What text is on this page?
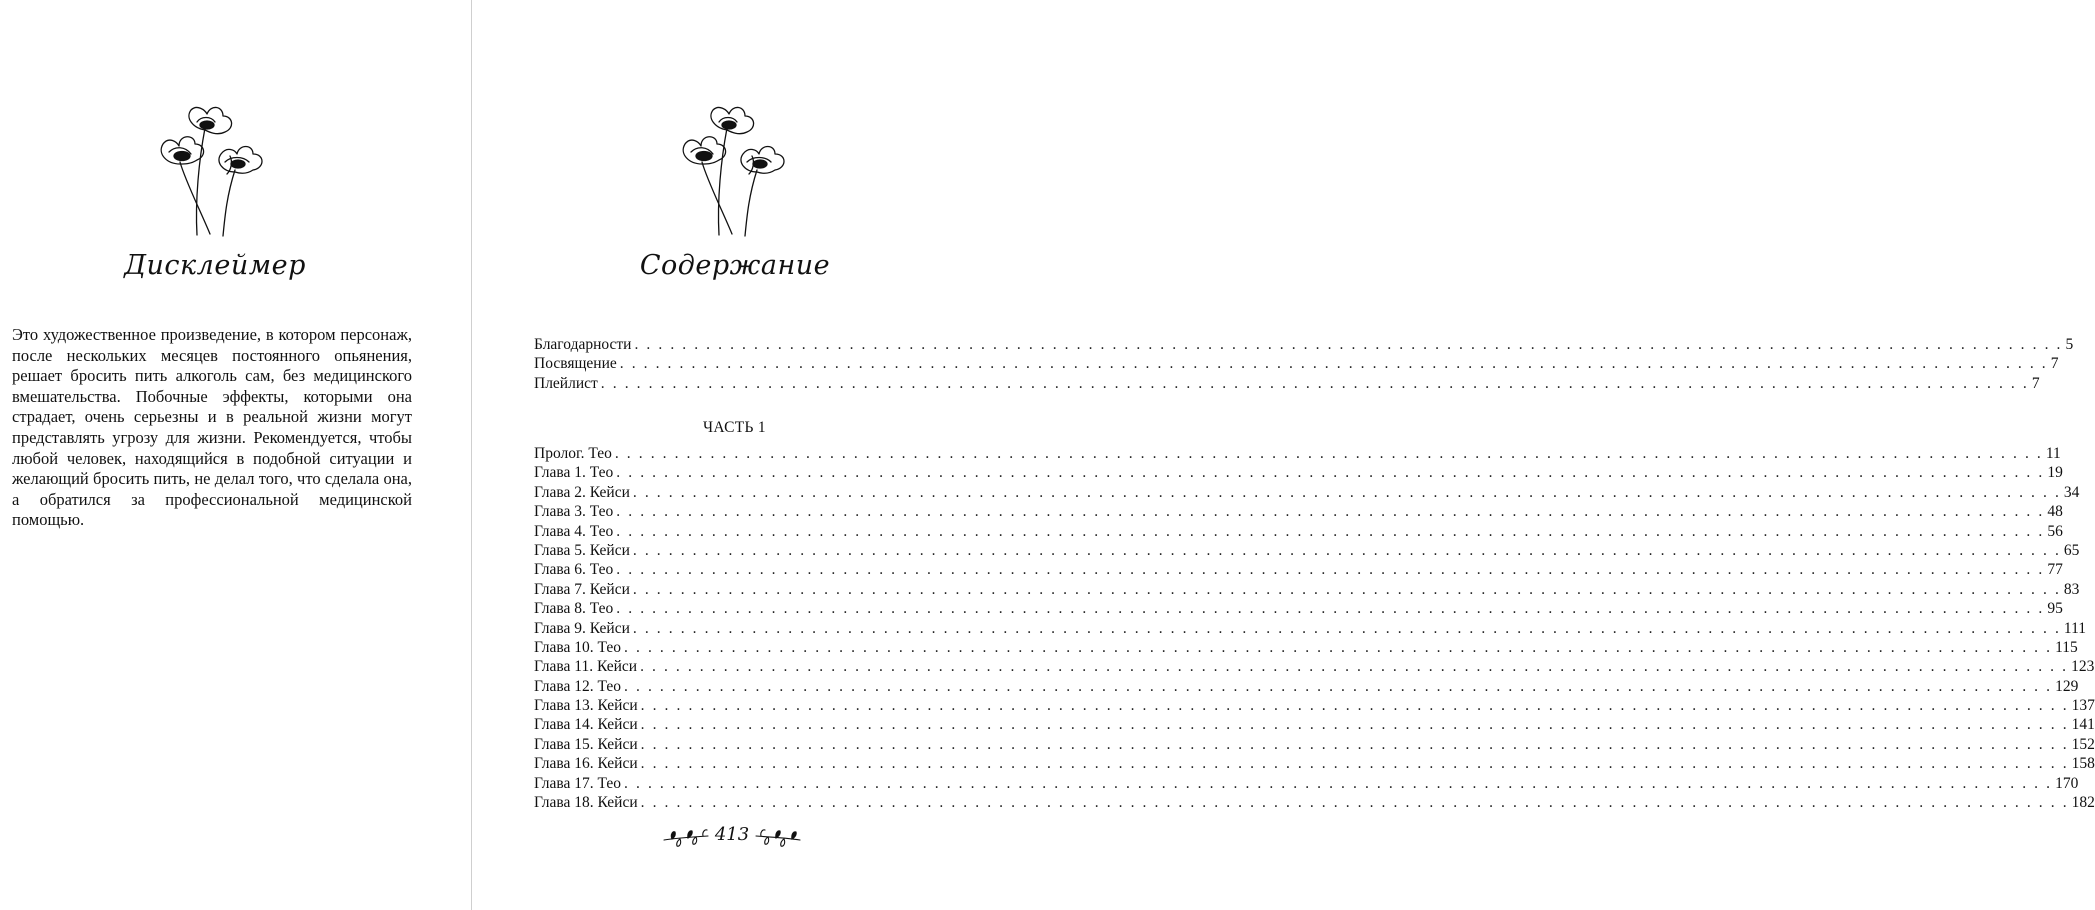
Дисклеймер
Это художественное произведение, в котором персонаж, после нескольких месяцев постоянного опьянения, решает бросить пить алкоголь сам, без медицинского вмешательства. Побочные эффекты, которыми она страдает, очень серьезны и в реальной жизни могут представлять угрозу для жизни. Рекомендуется, чтобы любой человек, находящийся в подобной ситуации и желающий бросить пить, не делал того, что сделала она, а обратился за профессиональной медицинской помощью.
Содержание
Благодарности . . . . . . . . . . . . . . . . . . . . . . . . . . . . . . . . . . . . . . . . . . . . . . . . . . . . . . . . . . . . . . . . . . . . . . . . . . . . . . . . . . . . . . . . . . . . . . . . . . . . . . . . . . . . . . . . . . . . . . . . 5
Посвящение . . . . . . . . . . . . . . . . . . . . . . . . . . . . . . . . . . . . . . . . . . . . . . . . . . . . . . . . . . . . . . . . . . . . . . . . . . . . . . . . . . . . . . . . . . . . . . . . . . . . . . . . . . . . . . . . . . . . . . . . 7
Плейлист . . . . . . . . . . . . . . . . . . . . . . . . . . . . . . . . . . . . . . . . . . . . . . . . . . . . . . . . . . . . . . . . . . . . . . . . . . . . . . . . . . . . . . . . . . . . . . . . . . . . . . . . . . . . . . . . . . . . . . . . 7
ЧАСТЬ 1
Пролог. Тео . . . . . . . . . . . . . . . . . . . . . . . . . . . . . . . . . . . . . . . . . . . . . . . . . . . . . . . . . . . . . . . . . . . . . . . . . . . . . . . . . . . . . . . . . . . . . . . . . . . . . . . . . . . . . . . . . . . . . . . . 11
Глава 1. Тео . . . . . . . . . . . . . . . . . . . . . . . . . . . . . . . . . . . . . . . . . . . . . . . . . . . . . . . . . . . . . . . . . . . . . . . . . . . . . . . . . . . . . . . . . . . . . . . . . . . . . . . . . . . . . . . . . . . . . . . . 19
Глава 2. Кейси . . . . . . . . . . . . . . . . . . . . . . . . . . . . . . . . . . . . . . . . . . . . . . . . . . . . . . . . . . . . . . . . . . . . . . . . . . . . . . . . . . . . . . . . . . . . . . . . . . . . . . . . . . . . . . . . . . . . . . . . 34
Глава 3. Тео . . . . . . . . . . . . . . . . . . . . . . . . . . . . . . . . . . . . . . . . . . . . . . . . . . . . . . . . . . . . . . . . . . . . . . . . . . . . . . . . . . . . . . . . . . . . . . . . . . . . . . . . . . . . . . . . . . . . . . . . 48
Глава 4. Тео . . . . . . . . . . . . . . . . . . . . . . . . . . . . . . . . . . . . . . . . . . . . . . . . . . . . . . . . . . . . . . . . . . . . . . . . . . . . . . . . . . . . . . . . . . . . . . . . . . . . . . . . . . . . . . . . . . . . . . . . 56
Глава 5. Кейси . . . . . . . . . . . . . . . . . . . . . . . . . . . . . . . . . . . . . . . . . . . . . . . . . . . . . . . . . . . . . . . . . . . . . . . . . . . . . . . . . . . . . . . . . . . . . . . . . . . . . . . . . . . . . . . . . . . . . . . . 65
Глава 6. Тео . . . . . . . . . . . . . . . . . . . . . . . . . . . . . . . . . . . . . . . . . . . . . . . . . . . . . . . . . . . . . . . . . . . . . . . . . . . . . . . . . . . . . . . . . . . . . . . . . . . . . . . . . . . . . . . . . . . . . . . . 77
Глава 7. Кейси . . . . . . . . . . . . . . . . . . . . . . . . . . . . . . . . . . . . . . . . . . . . . . . . . . . . . . . . . . . . . . . . . . . . . . . . . . . . . . . . . . . . . . . . . . . . . . . . . . . . . . . . . . . . . . . . . . . . . . . . 83
Глава 8. Тео . . . . . . . . . . . . . . . . . . . . . . . . . . . . . . . . . . . . . . . . . . . . . . . . . . . . . . . . . . . . . . . . . . . . . . . . . . . . . . . . . . . . . . . . . . . . . . . . . . . . . . . . . . . . . . . . . . . . . . . . 95
Глава 9. Кейси . . . . . . . . . . . . . . . . . . . . . . . . . . . . . . . . . . . . . . . . . . . . . . . . . . . . . . . . . . . . . . . . . . . . . . . . . . . . . . . . . . . . . . . . . . . . . . . . . . . . . . . . . . . . . . . . . . . . . . . . 111
Глава 10. Тео . . . . . . . . . . . . . . . . . . . . . . . . . . . . . . . . . . . . . . . . . . . . . . . . . . . . . . . . . . . . . . . . . . . . . . . . . . . . . . . . . . . . . . . . . . . . . . . . . . . . . . . . . . . . . . . . . . . . . . . . 115
Глава 11. Кейси . . . . . . . . . . . . . . . . . . . . . . . . . . . . . . . . . . . . . . . . . . . . . . . . . . . . . . . . . . . . . . . . . . . . . . . . . . . . . . . . . . . . . . . . . . . . . . . . . . . . . . . . . . . . . . . . . . . . . . . . 123
Глава 12. Тео . . . . . . . . . . . . . . . . . . . . . . . . . . . . . . . . . . . . . . . . . . . . . . . . . . . . . . . . . . . . . . . . . . . . . . . . . . . . . . . . . . . . . . . . . . . . . . . . . . . . . . . . . . . . . . . . . . . . . . . . 129
Глава 13. Кейси . . . . . . . . . . . . . . . . . . . . . . . . . . . . . . . . . . . . . . . . . . . . . . . . . . . . . . . . . . . . . . . . . . . . . . . . . . . . . . . . . . . . . . . . . . . . . . . . . . . . . . . . . . . . . . . . . . . . . . . . 137
Глава 14. Кейси . . . . . . . . . . . . . . . . . . . . . . . . . . . . . . . . . . . . . . . . . . . . . . . . . . . . . . . . . . . . . . . . . . . . . . . . . . . . . . . . . . . . . . . . . . . . . . . . . . . . . . . . . . . . . . . . . . . . . . . . 141
Глава 15. Кейси . . . . . . . . . . . . . . . . . . . . . . . . . . . . . . . . . . . . . . . . . . . . . . . . . . . . . . . . . . . . . . . . . . . . . . . . . . . . . . . . . . . . . . . . . . . . . . . . . . . . . . . . . . . . . . . . . . . . . . . . 152
Глава 16. Кейси . . . . . . . . . . . . . . . . . . . . . . . . . . . . . . . . . . . . . . . . . . . . . . . . . . . . . . . . . . . . . . . . . . . . . . . . . . . . . . . . . . . . . . . . . . . . . . . . . . . . . . . . . . . . . . . . . . . . . . . . 158
Глава 17. Тео . . . . . . . . . . . . . . . . . . . . . . . . . . . . . . . . . . . . . . . . . . . . . . . . . . . . . . . . . . . . . . . . . . . . . . . . . . . . . . . . . . . . . . . . . . . . . . . . . . . . . . . . . . . . . . . . . . . . . . . . 170
Глава 18. Кейси . . . . . . . . . . . . . . . . . . . . . . . . . . . . . . . . . . . . . . . . . . . . . . . . . . . . . . . . . . . . . . . . . . . . . . . . . . . . . . . . . . . . . . . . . . . . . . . . . . . . . . . . . . . . . . . . . . . . . . . . 182
413
